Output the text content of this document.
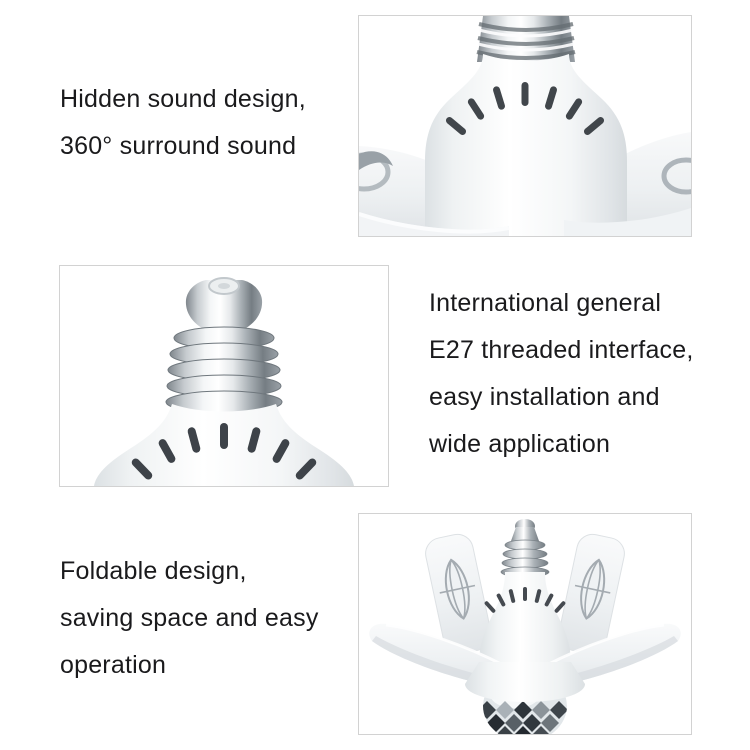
Hidden sound design,

360° surround sound

International general

E27 threaded interface,

easy installation and

wide application

Foldable design,

saving space and easy

operation
